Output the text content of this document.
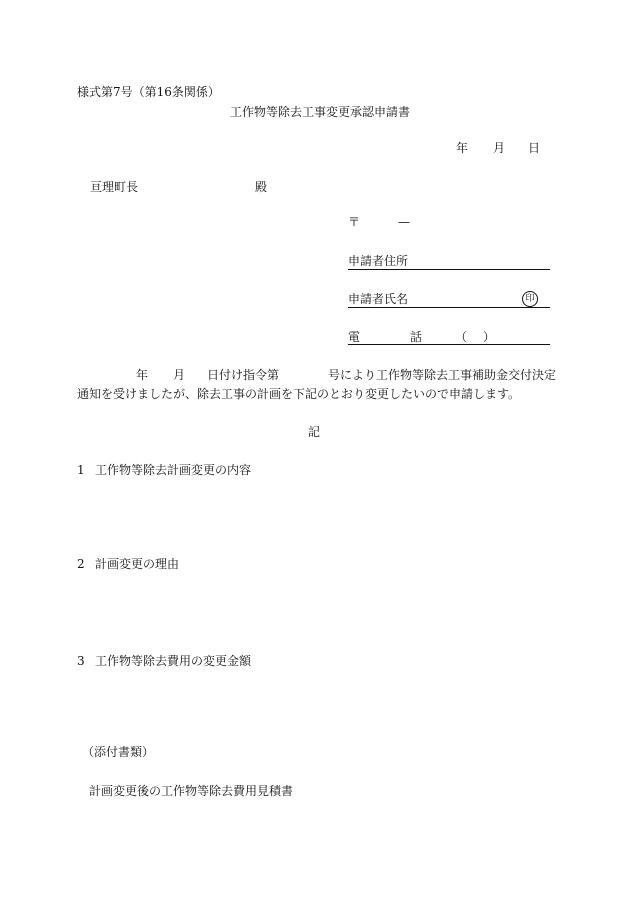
様式第7号（第16条関係）
工作物等除去工事変更承認申請書
年 月 日
亘理町長	殿
〒	—
申請者住所
申請者氏名	印
電	話	（ ）
年 月 日付け指令第	号により工作物等除去工事補助金交付決定
通知を受けましたが、除去工事の計画を下記のとおり変更したいので申請します。
記
1 工作物等除去計画変更の内容
2 計画変更の理由
3 工作物等除去費用の変更金額
（添付書類）
計画変更後の工作物等除去費用見積書
